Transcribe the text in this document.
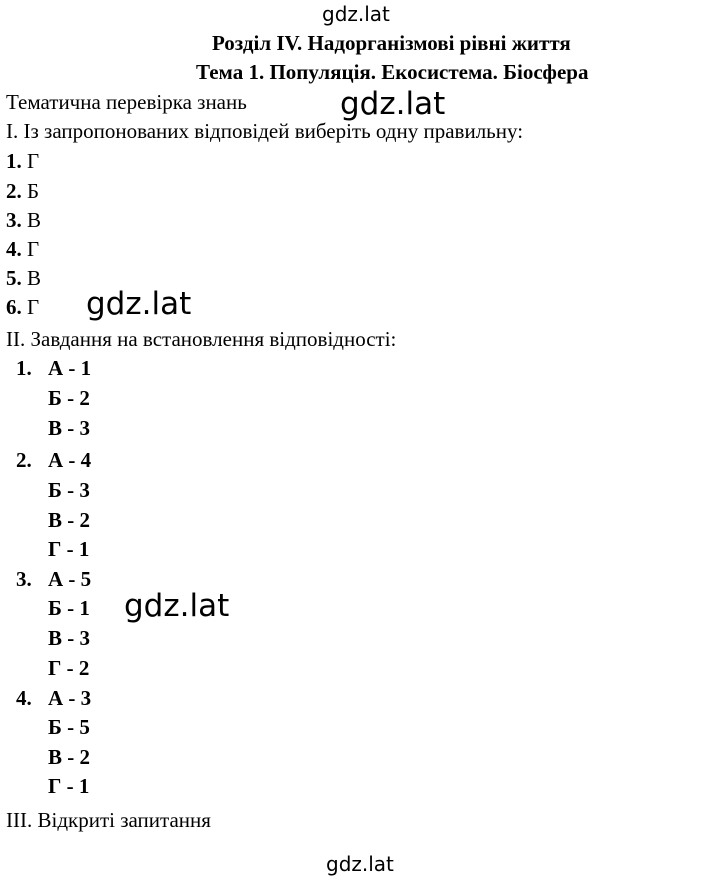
gdz.lat
gdz.lat
gdz.lat
gdz.lat
gdz.lat
Розділ IV. Надорганізмові рівні життя
Тема 1. Популяція. Екосистема. Біосфера
Тематична перевірка знань
І. Із запропонованих відповідей виберіть одну правильну:
1. Г
2. Б
3. В
4. Г
5. В
6. Г
ІІ. Завдання на встановлення відповідності:
1. А - 1
Б - 2
В - 3
2. А - 4
Б - 3
В - 2
Г - 1
3. А - 5
Б - 1
В - 3
Г - 2
4. А - 3
Б - 5
В - 2
Г - 1
ІІІ. Відкриті запитання
